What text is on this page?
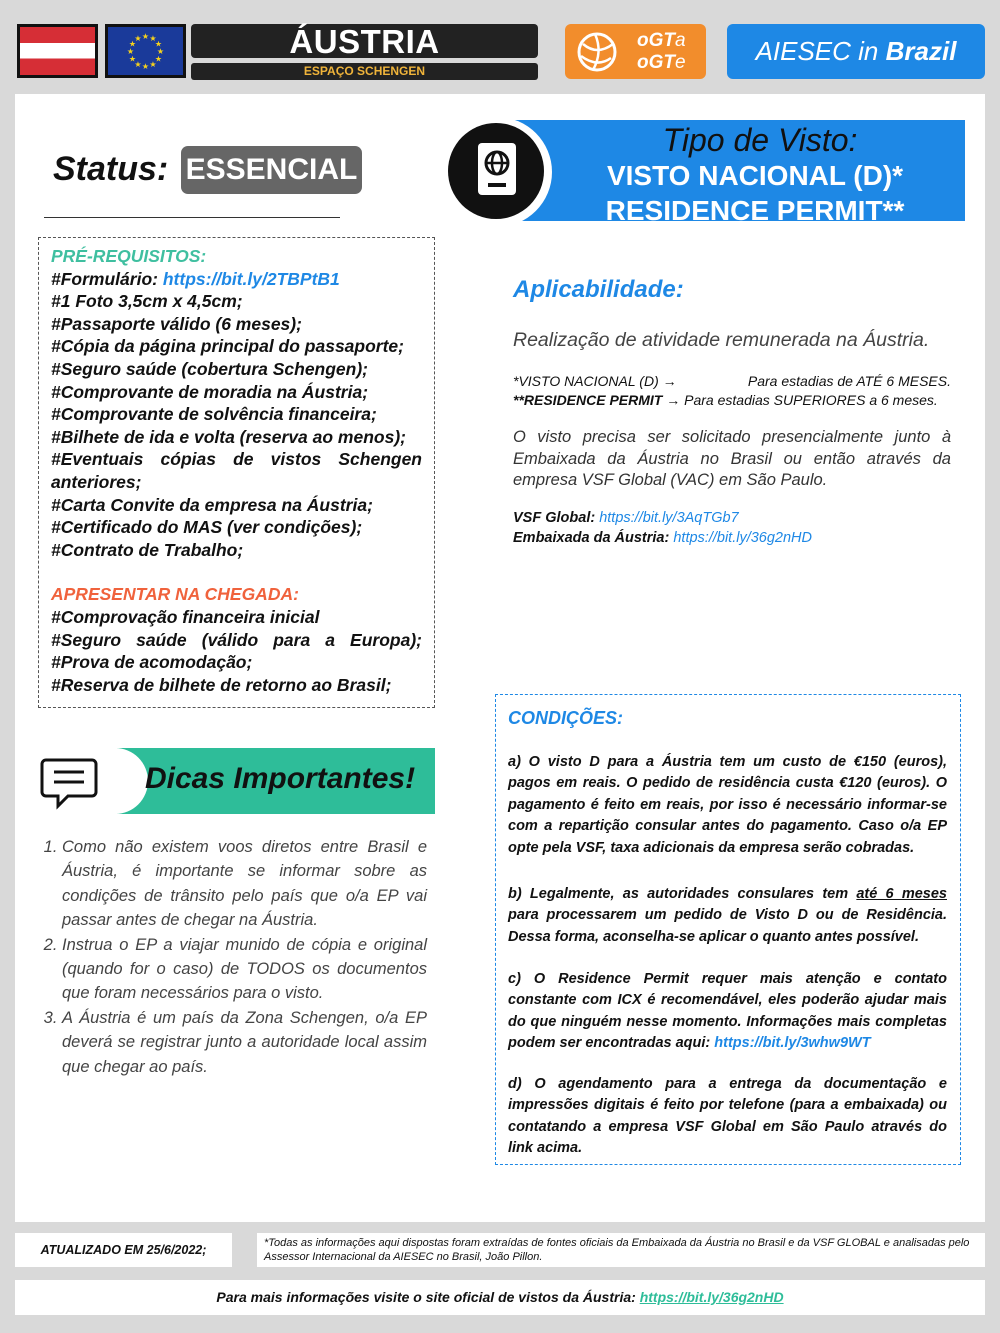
★ ★
★
★
★
★
★
★
★
★
★
★	ÁUSTRIA
ESPAÇO SCHENGEN
oGTa
oGTe	AIESEC in Brazil
Status: ESSENCIAL
Tipo de Visto:
VISTO NACIONAL (D)*
RESIDENCE PERMIT**
PRÉ-REQUISITOS:
#Formulário: https://bit.ly/2TBPtB1
#1 Foto 3,5cm x 4,5cm;
#Passaporte válido (6 meses);
#Cópia da página principal do passaporte;
#Seguro saúde (cobertura Schengen);
#Comprovante de moradia na Áustria;
#Comprovante de solvência financeira;
#Bilhete de ida e volta (reserva ao menos);
#Eventuais cópias de vistos Schengen anteriores;
#Carta Convite da empresa na Áustria;
#Certificado do MAS (ver condições);
#Contrato de Trabalho;
APRESENTAR NA CHEGADA:
#Comprovação financeira inicial
#Seguro saúde (válido para a Europa); #Prova de acomodação;
#Reserva de bilhete de retorno ao Brasil;
Dicas Importantes!
1. Como não existem voos diretos entre Brasil e Áustria, é importante se informar sobre as condições de trânsito pelo país que o/a EP vai passar antes de chegar na Áustria.
2. Instrua o EP a viajar munido de cópia e original (quando for o caso) de TODOS os documentos que foram necessários para o visto.
3. A Áustria é um país da Zona Schengen, o/a EP deverá se registrar junto a autoridade local assim que chegar ao país.
Aplicabilidade:
Realização de atividade remunerada na Áustria.
*VISTO NACIONAL (D) →	Para estadias de ATÉ 6 MESES.
**RESIDENCE PERMIT → Para estadias SUPERIORES a 6 meses.
O visto precisa ser solicitado presencialmente junto à Embaixada da Áustria no Brasil ou então através da empresa VSF Global (VAC) em São Paulo.
VSF Global: https://bit.ly/3AqTGb7
Embaixada da Áustria: https://bit.ly/36g2nHD
CONDIÇÕES:
a) O visto D para a Áustria tem um custo de €150 (euros), pagos em reais. O pedido de residência custa €120 (euros). O pagamento é feito em reais, por isso é necessário informar-se com a repartição consular antes do pagamento. Caso o/a EP opte pela VSF, taxa adicionais da empresa serão cobradas.
b) Legalmente, as autoridades consulares tem até 6 meses para processarem um pedido de Visto D ou de Residência. Dessa forma, aconselha-se aplicar o quanto antes possível.
c) O Residence Permit requer mais atenção e contato constante com ICX é recomendável, eles poderão ajudar mais do que ninguém nesse momento. Informações mais completas podem ser encontradas aqui: https://bit.ly/3whw9WT
d) O agendamento para a entrega da documentação e impressões digitais é feito por telefone (para a embaixada) ou contatando a empresa VSF Global em São Paulo através do link acima.
ATUALIZADO EM 25/6/2022;	*Todas as informações aqui dispostas foram extraídas de fontes oficiais da Embaixada da Áustria no Brasil e da VSF GLOBAL e analisadas pelo Assessor Internacional da AIESEC no Brasil, João Pillon.
Para mais informações visite o site oficial de vistos da Áustria: https://bit.ly/36g2nHD
